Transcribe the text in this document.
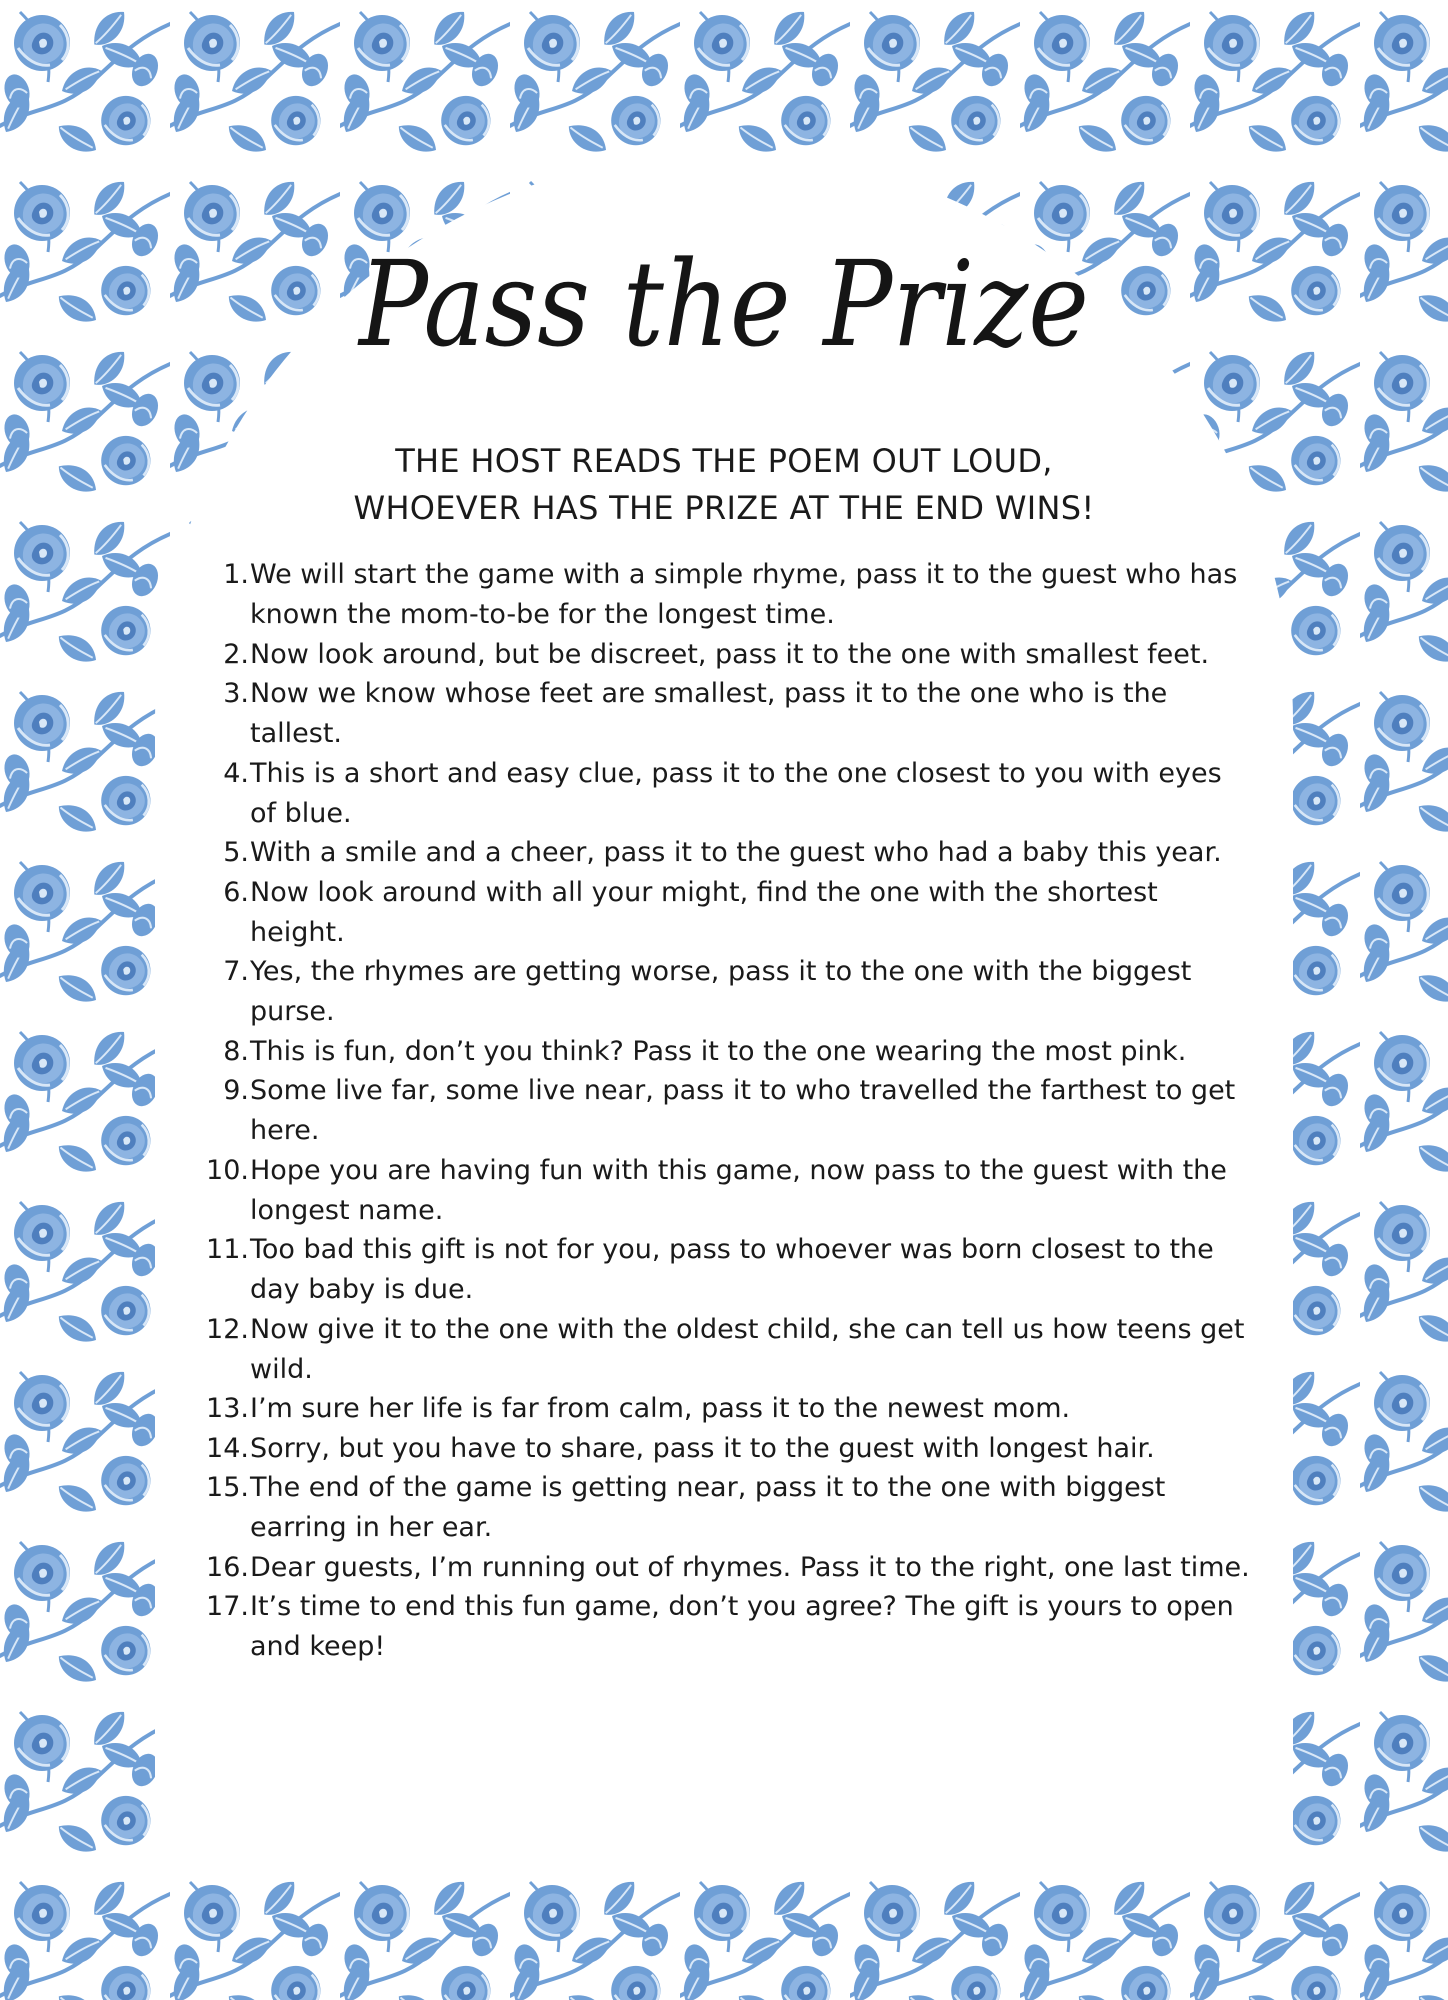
Pass the Prize
THE HOST READS THE POEM OUT LOUD,
WHOEVER HAS THE PRIZE AT THE END WINS!
1. We will start the game with a simple rhyme, pass it to the guest who has known the mom-to-be for the longest time.
2. Now look around, but be discreet, pass it to the one with smallest feet.
3. Now we know whose feet are smallest, pass it to the one who is the tallest.
4. This is a short and easy clue, pass it to the one closest to you with eyes of blue.
5. With a smile and a cheer, pass it to the guest who had a baby this year.
6. Now look around with all your might, find the one with the shortest height.
7. Yes, the rhymes are getting worse, pass it to the one with the biggest purse.
8. This is fun, don’t you think? Pass it to the one wearing the most pink.
9. Some live far, some live near, pass it to who travelled the farthest to get here.
10. Hope you are having fun with this game, now pass to the guest with the longest name.
11. Too bad this gift is not for you, pass to whoever was born closest to the day baby is due.
12. Now give it to the one with the oldest child, she can tell us how teens get wild.
13. I’m sure her life is far from calm, pass it to the newest mom.
14. Sorry, but you have to share, pass it to the guest with longest hair.
15. The end of the game is getting near, pass it to the one with biggest earring in her ear.
16. Dear guests, I’m running out of rhymes. Pass it to the right, one last time.
17. It’s time to end this fun game, don’t you agree? The gift is yours to open and keep!
